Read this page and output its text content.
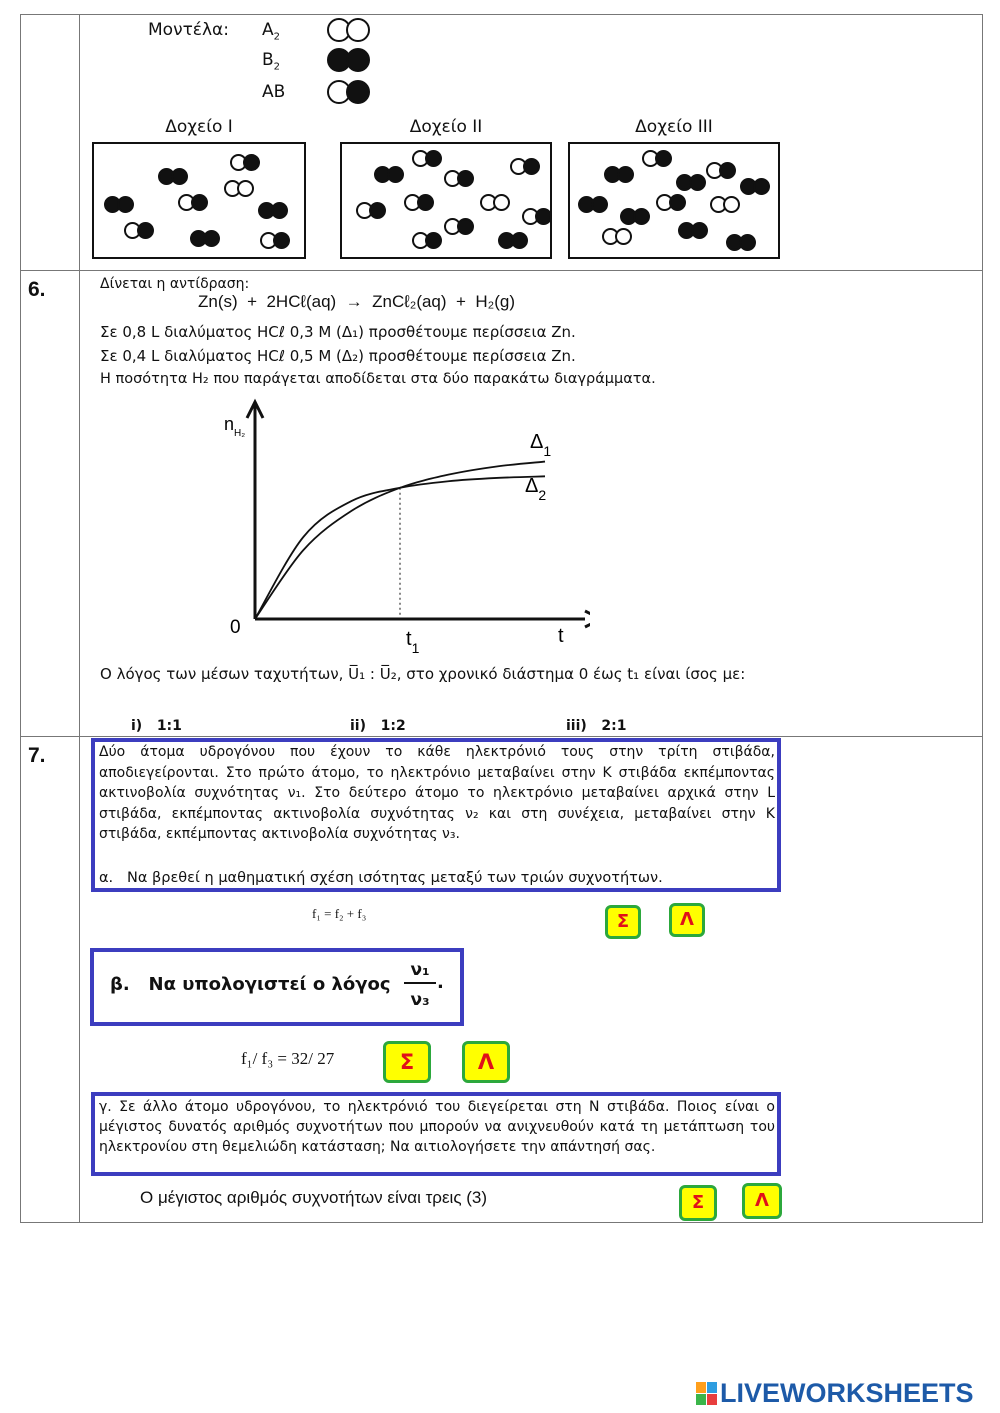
Μοντέλα: $A_2$
$B_2$
AB
Δοχείο I	Δοχείο II	Δοχείο III
6.	Δίνεται η αντίδραση:
Zn(s)  +  2HCℓ(aq)  →  ZnCℓ₂(aq)  +  H₂(g)
Σε 0,8 L διαλύματος HCℓ 0,3 M (Δ₁) προσθέτουμε περίσσεια Zn.
Σε 0,4 L διαλύματος HCℓ 0,5 M (Δ₂) προσθέτουμε περίσσεια Zn.
Η ποσότητα H₂ που παράγεται αποδίδεται στα δύο παρακάτω διαγράμματα.
$n_{H_2}$
0	t
$t_1$
$\Delta_1$
$\Delta_2$
Ο λόγος των μέσων ταχυτήτων, U̅₁ : U̅₂, στο χρονικό διάστημα 0 έως t₁ είναι ίσος με:
i)   1:1	ii)   1:2	iii)   2:1
7.	Δύο άτομα υδρογόνου που έχουν το κάθε ηλεκτρόνιό τους στην τρίτη στιβάδα, αποδιεγείρονται. Στο πρώτο άτομο, το ηλεκτρόνιο μεταβαίνει στην Κ στιβάδα εκπέμποντας ακτινοβολία συχνότητας ν₁. Στο δεύτερο άτομο το ηλεκτρόνιο μεταβαίνει αρχικά στην L στιβάδα, εκπέμποντας ακτινοβολία συχνότητας ν₂ και στη συνέχεια, μεταβαίνει στην Κ στιβάδα, εκπέμποντας ακτινοβολία συχνότητας ν₃.
α.   Να βρεθεί η μαθηματική σχέση ισότητας μεταξύ των τριών συχνοτήτων.
f₁ = f₂ + f₃	Σ	Λ
β.   Να υπολογιστεί ο λόγος
ν₁
ν₃
.
f₁/ f₃ = 32/ 27	Σ	Λ
γ. Σε άλλο άτομο υδρογόνου, το ηλεκτρόνιό του διεγείρεται στη Ν στιβάδα. Ποιος είναι ο μέγιστος δυνατός αριθμός συχνοτήτων που μπορούν να ανιχνευθούν κατά τη μετάπτωση του ηλεκτρονίου στη θεμελιώδη κατάσταση; Να αιτιολογήσετε την απάντησή σας.
Ο μέγιστος αριθμός συχνοτήτων είναι τρεις (3)	Σ	Λ
LIVEWORKSHEETS
